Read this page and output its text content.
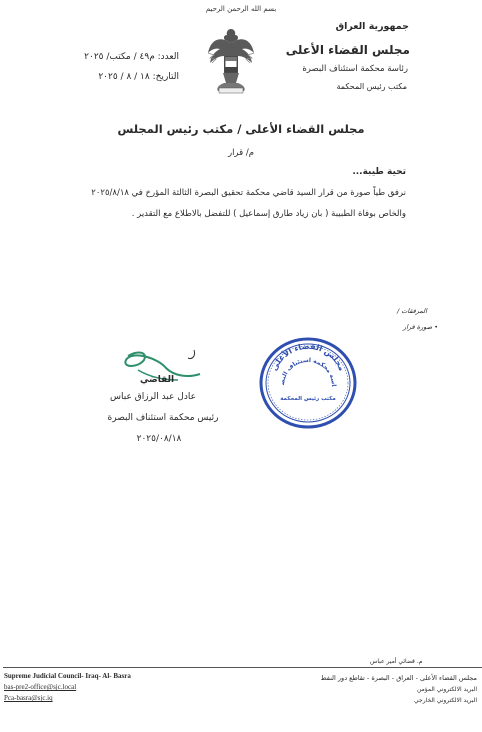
بسم الله الرحمن الرحيم
جمهورية العراق
مجلس القضاء الأعلى
رئاسة محكمة استئناف البصرة
مكتب رئيس المحكمة
العدد: م٤٩ / مكتب/ ٢٠٢٥
التاريخ: ١٨ / ٨ / ٢٠٢٥
مجلس القضاء الأعلى / مكتب رئيس المجلس
م/ قرار
تحية طيبة...
نرفق طياً صورة من قرار السيد قاضي محكمة تحقيق البصرة الثالثة المؤرخ في ٢٠٢٥/٨/١٨ والخاص بوفاة الطبيبة ( بان زياد طارق إسماعيل ) للتفضل بالاطلاع مع التقدير .
المرفقات /
• صورة قرار
مجلس القضاء الأعلى
اسة محكمة استئناف البص
مكتب رئيس المحكمة
القاضي
عادل عبد الرزاق عباس
رئيس محكمة استئناف البصرة
٢٠٢٥/٠٨/١٨
م. قضائي أمير عباس
Supreme Judicial Council- Iraq- Al- Basra
bas-pre2-office@sjc.local
Pca-basra@sjc.iq
مجلس القضاء الأعلى - العراق - البصرة - تقاطع دور النفط
البريد الالكتروني المؤمن
البريد الالكتروني الخارجي
